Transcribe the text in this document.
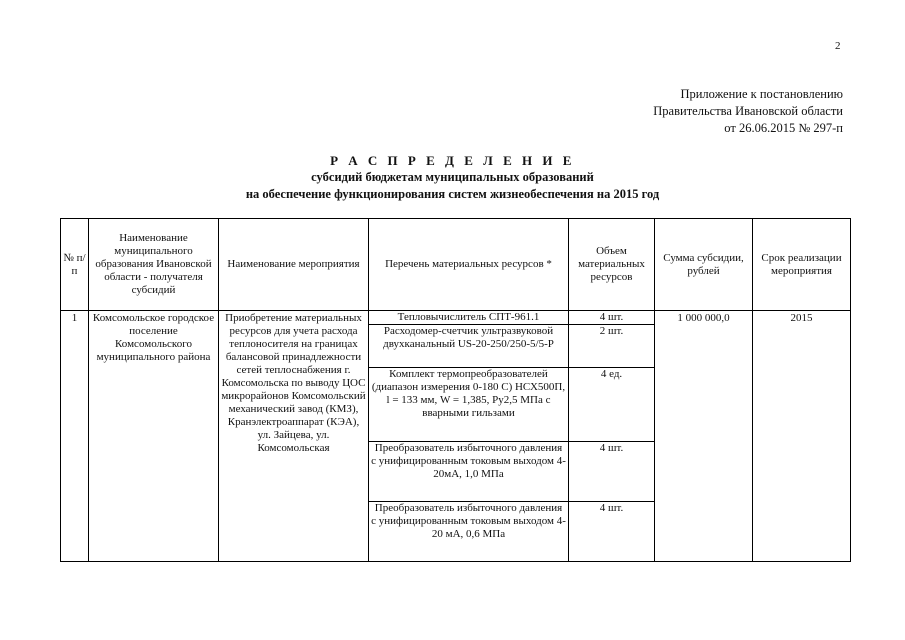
2
Приложение к постановлению
Правительства Ивановской области
от 26.06.2015 № 297-п
Р А С П Р Е Д Е Л Е Н И Е
субсидий бюджетам муниципальных образований
на обеспечение функционирования систем жизнеобеспечения на 2015 год
№ п/п	Наименование муниципального образования Ивановской области - получателя субсидий	Наименование мероприятия	Перечень материальных ресурсов *	Объем материальных ресурсов	Сумма субсидии, рублей	Срок реализации мероприятия
1	Комсомольское городское поселение Комсомольского муниципального района	Приобретение материальных ресурсов для учета расхода теплоносителя на границах балансовой принадлежности сетей теплоснабжения г. Комсомольска по выводу ЦОС микрорайонов Комсомольский механический завод (КМЗ), Кранэлектроаппарат (КЭА), ул. Зайцева, ул. Комсомольская	Тепловычислитель СПТ-961.1	4 шт.	1 000 000,0	2015
			Расходомер-счетчик ультразвуковой двухканальный US-20-250/250-5/5-Р	2 шт.		
			Комплект термопреобразователей (диапазон измерения 0-180 С) НСХ500П, l = 133 мм, W = 1,385, Ру2,5 МПа с вварными гильзами	4 ед.		
			Преобразователь избыточного давления с унифицированным токовым выходом 4-20мА, 1,0 МПа	4 шт.		
			Преобразователь избыточного давления с унифицированным токовым выходом 4-20 мА, 0,6 МПа	4 шт.		
